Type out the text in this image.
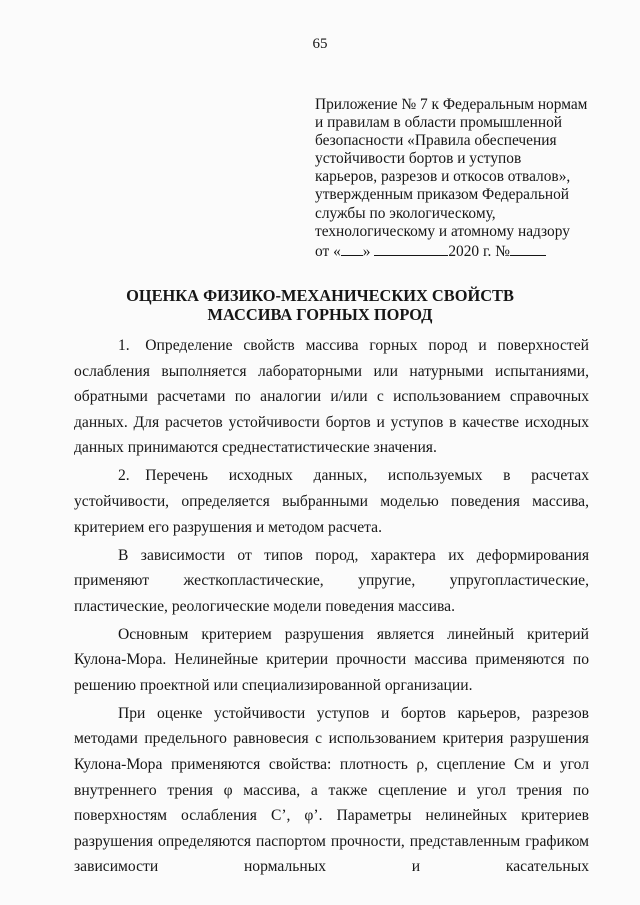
65
Приложение № 7 к Федеральным нормам
и правилам в области промышленной
безопасности «Правила обеспечения
устойчивости бортов и уступов
карьеров, разрезов и откосов отвалов»,
утвержденным приказом Федеральной
службы по экологическому,
технологическому и атомному надзору
от « »	2020 г. №
ОЦЕНКА ФИЗИКО-МЕХАНИЧЕСКИХ СВОЙСТВ
МАССИВА ГОРНЫХ ПОРОД

1. Определение свойств массива горных пород и поверхностей ослабления выполняется лабораторными или натурными испытаниями, обратными расчетами по аналогии и/или с использованием справочных данных. Для расчетов устойчивости бортов и уступов в качестве исходных данных принимаются среднестатистические значения.

2. Перечень исходных данных, используемых в расчетах устойчивости, определяется выбранными моделью поведения массива, критерием его разрушения и методом расчета.

В зависимости от типов пород, характера их деформирования применяют жесткопластические, упругие, упругопластические, пластические, реологические модели поведения массива.

Основным критерием разрушения является линейный критерий Кулона-Мора. Нелинейные критерии прочности массива применяются по решению проектной или специализированной организации.

При оценке устойчивости уступов и бортов карьеров, разрезов методами предельного равновесия с использованием критерия разрушения Кулона-Мора применяются свойства: плотность ρ, сцепление Cм и угол внутреннего трения φ массива, а также сцепление и угол трения по поверхностям ослабления C’, φ’. Параметры нелинейных критериев разрушения определяются паспортом прочности, представленным графиком зависимости нормальных и касательных
